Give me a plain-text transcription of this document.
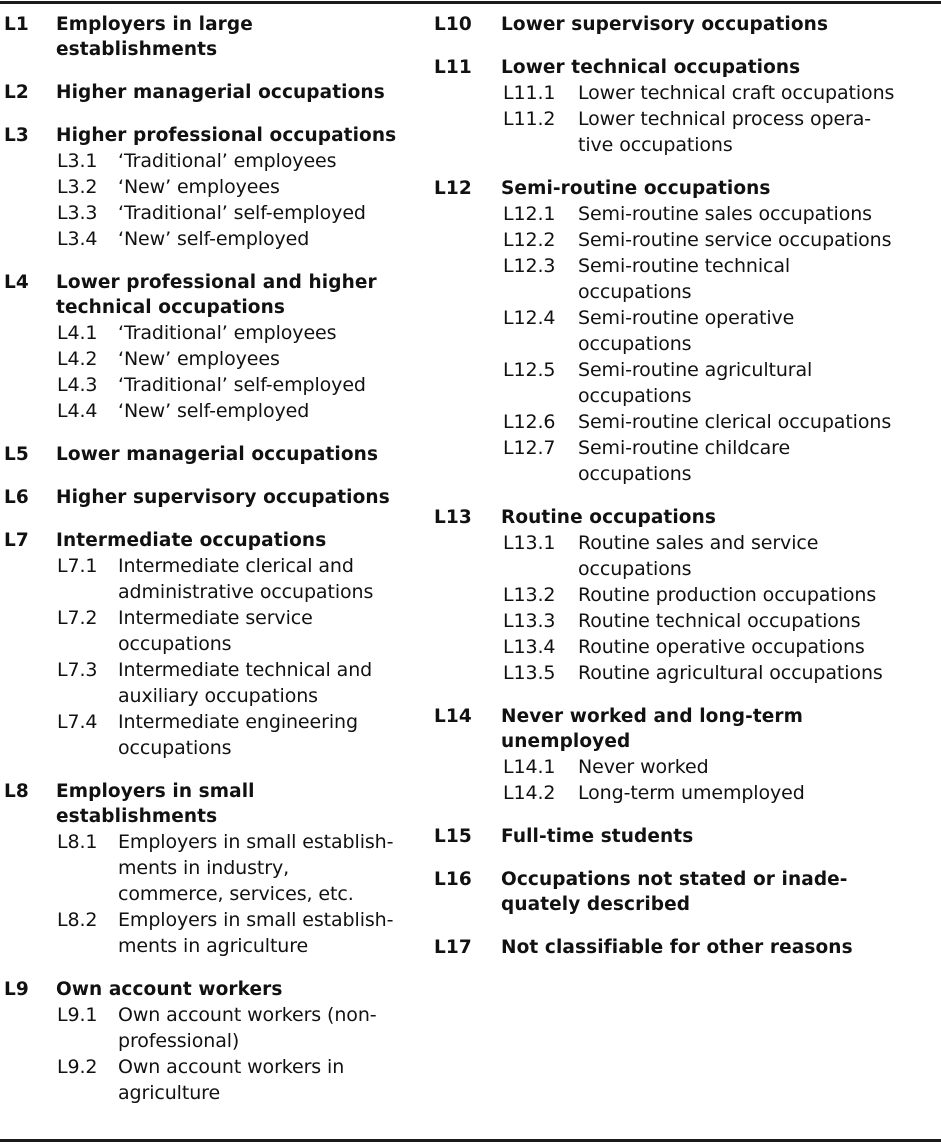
L1	Employers in large
establishments
L2	Higher managerial occupations
L3	Higher professional occupations
L3.1	‘Traditional’ employees
L3.2	‘New’ employees
L3.3	‘Traditional’ self-employed
L3.4	‘New’ self-employed
L4	Lower professional and higher
technical occupations
L4.1	‘Traditional’ employees
L4.2	‘New’ employees
L4.3	‘Traditional’ self-employed
L4.4	‘New’ self-employed
L5	Lower managerial occupations
L6	Higher supervisory occupations
L7	Intermediate occupations
L7.1	Intermediate clerical and
administrative occupations
L7.2	Intermediate service
occupations
L7.3	Intermediate technical and
auxiliary occupations
L7.4	Intermediate engineering
occupations
L8	Employers in small
establishments
L8.1	Employers in small establish-
ments in industry,
commerce, services, etc.
L8.2	Employers in small establish-
ments in agriculture
L9	Own account workers
L9.1	Own account workers (non-
professional)
L9.2	Own account workers in
agriculture
L10	Lower supervisory occupations
L11	Lower technical occupations
L11.1	Lower technical craft occupations
L11.2	Lower technical process opera-
tive occupations
L12	Semi-routine occupations
L12.1	Semi-routine sales occupations
L12.2	Semi-routine service occupations
L12.3	Semi-routine technical
occupations
L12.4	Semi-routine operative
occupations
L12.5	Semi-routine agricultural
occupations
L12.6	Semi-routine clerical occupations
L12.7	Semi-routine childcare
occupations
L13	Routine occupations
L13.1	Routine sales and service
occupations
L13.2	Routine production occupations
L13.3	Routine technical occupations
L13.4	Routine operative occupations
L13.5	Routine agricultural occupations
L14	Never worked and long-term
unemployed
L14.1	Never worked
L14.2	Long-term umemployed
L15	Full-time students
L16	Occupations not stated or inade-
quately described
L17	Not classifiable for other reasons
